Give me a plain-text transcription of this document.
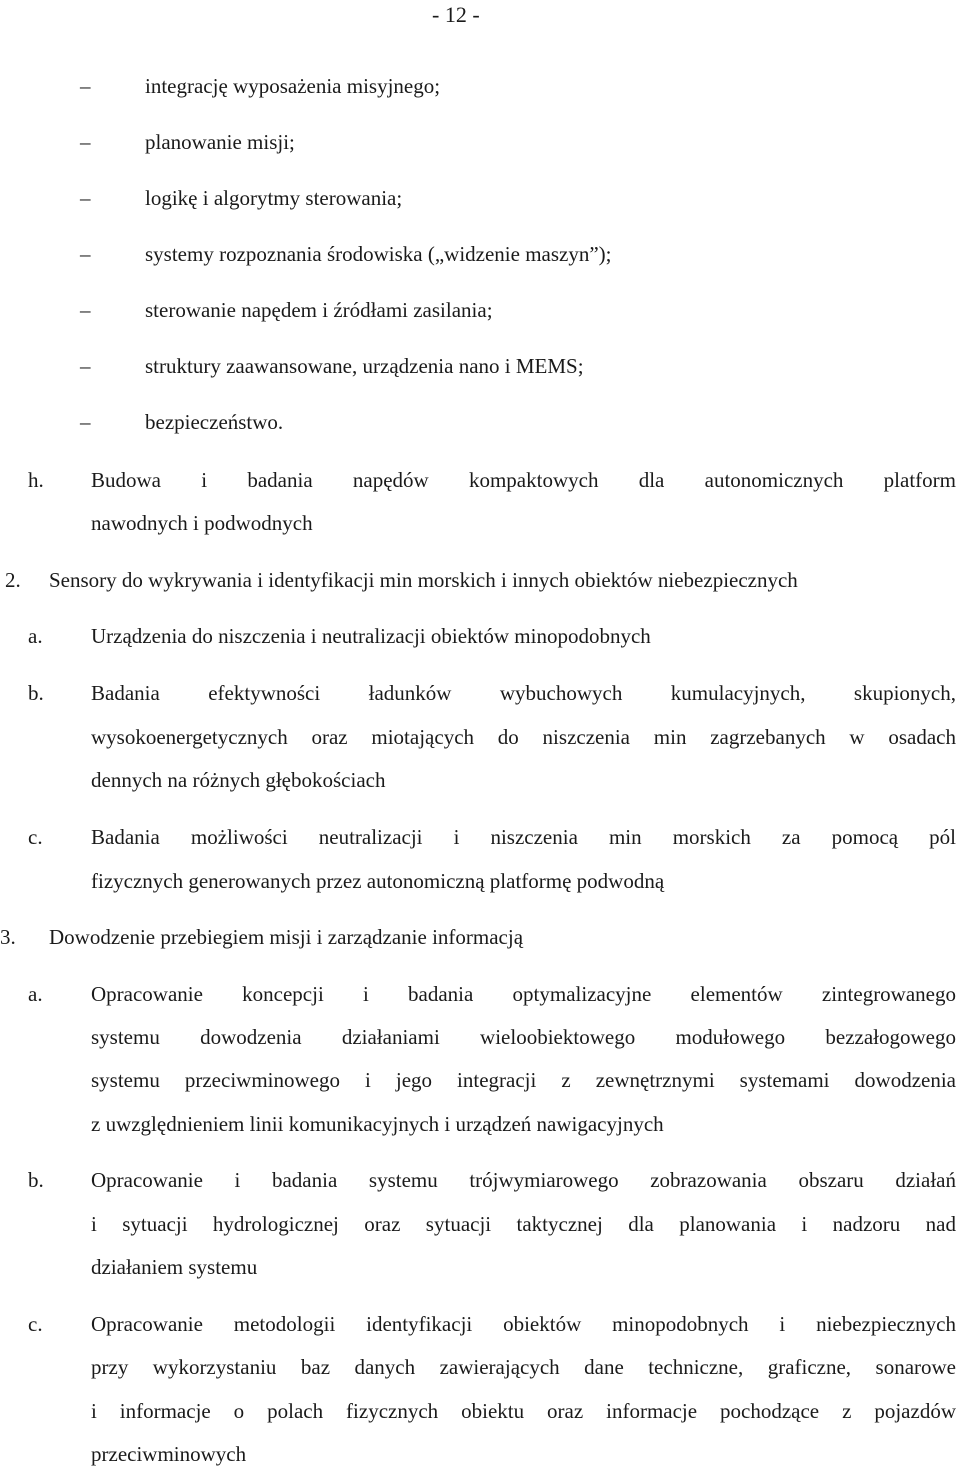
- 12 -
–	integrację wyposażenia misyjnego;
–	planowanie misji;
–	logikę i algorytmy sterowania;
–	systemy rozpoznania środowiska („widzenie maszyn”);
–	sterowanie napędem i źródłami zasilania;
–	struktury zaawansowane, urządzenia nano i MEMS;
–	bezpieczeństwo.
h. Budowa i badania napędów kompaktowych dla autonomicznych platform
nawodnych i podwodnych
2. Sensory do wykrywania i identyfikacji min morskich i innych obiektów niebezpiecznych
a. Urządzenia do niszczenia i neutralizacji obiektów minopodobnych
b. Badania efektywności ładunków wybuchowych kumulacyjnych, skupionych,
wysokoenergetycznych oraz miotających do niszczenia min zagrzebanych w osadach
dennych na różnych głębokościach
c. Badania możliwości neutralizacji i niszczenia min morskich za pomocą pól
fizycznych generowanych przez autonomiczną platformę podwodną
3. Dowodzenie przebiegiem misji i zarządzanie informacją
a. Opracowanie koncepcji i badania optymalizacyjne elementów zintegrowanego
systemu dowodzenia działaniami wieloobiektowego modułowego bezzałogowego
systemu przeciwminowego i jego integracji z zewnętrznymi systemami dowodzenia
z uwzględnieniem linii komunikacyjnych i urządzeń nawigacyjnych
b. Opracowanie i badania systemu trójwymiarowego zobrazowania obszaru działań
i sytuacji hydrologicznej oraz sytuacji taktycznej dla planowania i nadzoru nad
działaniem systemu
c. Opracowanie metodologii identyfikacji obiektów minopodobnych i niebezpiecznych
przy wykorzystaniu baz danych zawierających dane techniczne, graficzne, sonarowe
i informacje o polach fizycznych obiektu oraz informacje pochodzące z pojazdów
przeciwminowych
